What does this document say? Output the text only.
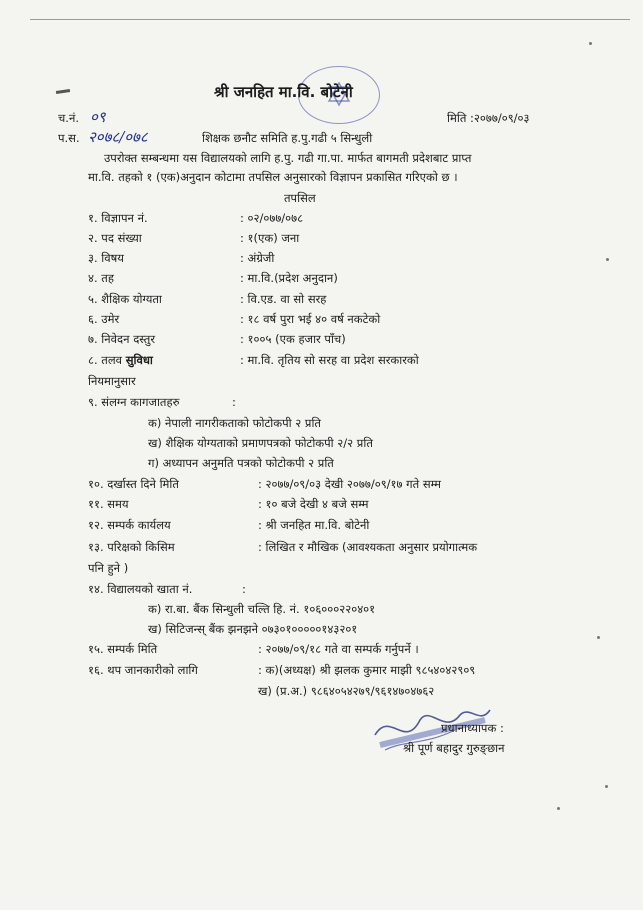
श्री जनहित मा.वि. बोटेनी
च.नं. ०९	मिति :२०७७/०९/०३
प.स. २०७८/०७८	शिक्षक छनौट समिति ह.पु.गढी ५ सिन्धुली
उपरोक्त सम्बन्धमा यस विद्यालयको लागि ह.पु. गढी गा.पा. मार्फत बागमती प्रदेशबाट प्राप्त
मा.वि. तहको १ (एक)अनुदान कोटामा तपसिल अनुसारको विज्ञापन प्रकासित गरिएको छ ।
तपसिल
१. विज्ञापन नं.	: ०२/०७७/०७८
२. पद संख्या	: १(एक) जना
३. विषय	: अंग्रेजी
४. तह	: मा.वि.(प्रदेश अनुदान)
५. शैक्षिक योग्यता	: वि.एड. वा सो सरह
६. उमेर	: १८ वर्ष पुरा भई ४० वर्ष नकटेको
७. निवेदन दस्तुर	: १००५ (एक हजार पाँच)
८. तलव सुविधा	: मा.वि. तृतिय सो सरह वा प्रदेश सरकारको
नियमानुसार
९. संलग्न कागजातहरु	:
क) नेपाली नागरीकताको फोटोकपी २ प्रति
ख) शैक्षिक योग्यताको प्रमाणपत्रको फोटोकपी २/२ प्रति
ग) अध्यापन अनुमति पत्रको फोटोकपी २ प्रति
१०. दर्खास्त दिने मिति	: २०७७/०९/०३ देखी २०७७/०९/१७ गते सम्म
११. समय	: १० बजे देखी ४ बजे सम्म
१२. सम्पर्क कार्यलय	: श्री जनहित मा.वि. बोटेनी
१३. परिक्षको किसिम	: लिखित र मौखिक (आवश्यकता अनुसार प्रयोगात्मक
पनि हुने )
१४. विद्यालयको खाता नं.	:
क) रा.बा. बैंक सिन्धुली चल्ति हि. नं. १०६०००२२०४०१
ख) सिटिजन्स् बैंक झनझने ०७३०१०००००१४३२०१
१५. सम्पर्क मिति	: २०७७/०९/१८ गते वा सम्पर्क गर्नुपर्ने ।
१६. थप जानकारीको लागि	: क)(अध्यक्ष) श्री झलक कुमार माझी ९८५४०४२९०९
ख) (प्र.अ.) ९८६४०५४२७९/९६१४७०४७६२
प्रधानाध्यापक :
श्री पूर्ण बहादुर गुरुङ्छान
